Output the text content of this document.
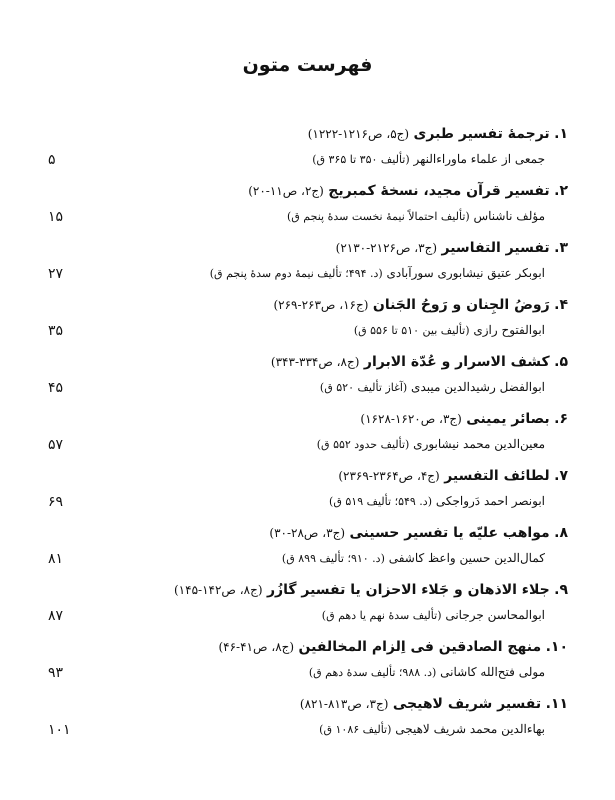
فهرست متون
۱. ترجمهٔ تفسیر طبری (ج۵، ص۱۲۱۶-۱۲۲۲)
جمعی از علماء ماوراءالنهر (تألیف ۳۵۰ تا ۳۶۵ ق)
۵
۲. تفسیر قرآن مجید، نسخهٔ کمبریج (ج۲، ص۱۱-۲۰)
مؤلف ناشناس (تألیف احتمالاً نیمهٔ نخست سدهٔ پنجم ق)
۱۵
۳. تفسیر التفاسیر (ج۳، ص۲۱۲۶-۲۱۳۰)
ابوبکر عتیق نیشابوری سورآبادی (د. ۴۹۴؛ تألیف نیمهٔ دوم سدهٔ پنجم ق)
۲۷
۴. رَوضُ الجِنان و رَوحُ الجَنان (ج۱۶، ص۲۶۳-۲۶۹)
ابوالفتوح رازی (تألیف بین ۵۱۰ تا ۵۵۶ ق)
۳۵
۵. کشف الاسرار و عُدّة الابرار (ج۸، ص۳۳۴-۳۴۳)
ابوالفضل رشیدالدین میبدی (آغاز تألیف ۵۲۰ ق)
۴۵
۶. بصائر یمینی (ج۳، ص۱۶۲۰-۱۶۲۸)
معین‌الدین محمد نیشابوری (تألیف حدود ۵۵۲ ق)
۵۷
۷. لطائف التفسیر (ج۴، ص۲۳۶۴-۲۳۶۹)
ابونصر احمد دَرواجکی (د. ۵۴۹؛ تألیف ۵۱۹ ق)
۶۹
۸. مواهب علیّه یا تفسیر حسینی (ج۳، ص۲۸-۳۰)
کمال‌الدین حسین واعظ کاشفی (د. ۹۱۰؛ تألیف ۸۹۹ ق)
۸۱
۹. جلاء الاذهان و جَلاء الاحزان یا تفسیر گازُر (ج۸، ص۱۴۲-۱۴۵)
ابوالمحاسن جرجانی (تألیف سدهٔ نهم یا دهم ق)
۸۷
۱۰. منهج الصادقین فی اِلزام المخالفین (ج۸، ص۴۱-۴۶)
مولی فتح‌الله کاشانی (د. ۹۸۸؛ تألیف سدهٔ دهم ق)
۹۳
۱۱. تفسیر شریف لاهیجی (ج۳، ص۸۱۳-۸۲۱)
بهاءالدین محمد شریف لاهیجی (تألیف ۱۰۸۶ ق)
۱۰۱
